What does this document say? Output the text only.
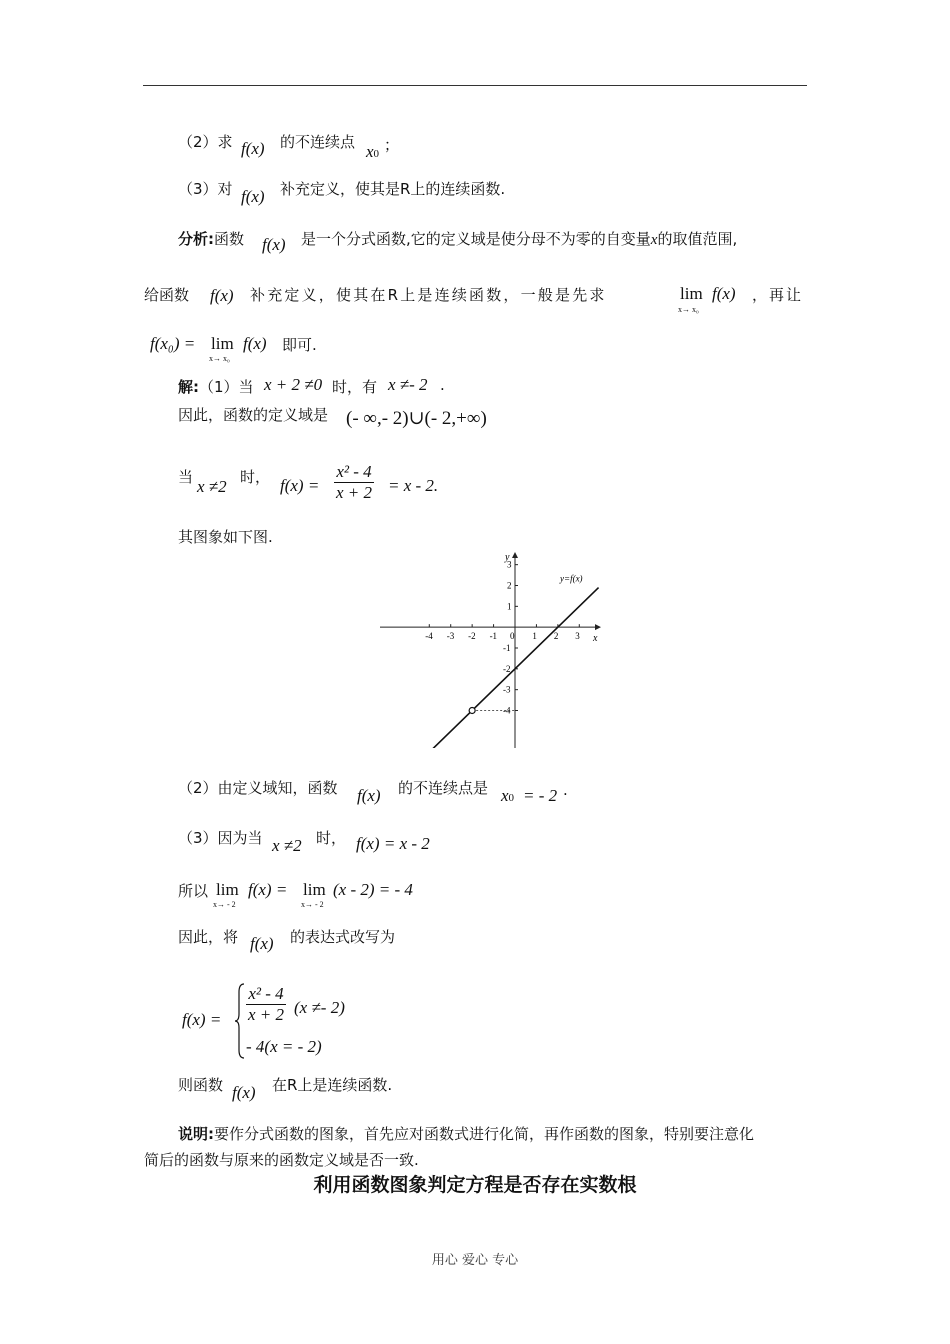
（2）求 f(x) 的不连续点 x0 ；
（3）对 f(x) 补充定义，使其是R上的连续函数.
分析:函数 f(x) 是一个分式函数,它的定义域是使分母不为零的自变量x的取值范围,
给函数 f(x) 补充定义，使其在R上是连续函数，一般是先求	lim
x→ x₀
f(x) ，再让
f(x₀) = lim
x→ x₀
f(x) 即可.
解:（1）当 x + 2 ≠0 时，有 x ≠- 2 .
因此，函数的定义域是 (- ∞,- 2)∪(- 2,+∞)
当 x ≠2 时， $f(x) = \frac{\text{x² - 4}}{x + 2} = x - 2$.
其图象如下图.
x
y
-4 -3 -2 -1 0 1 2 3
3
2
1
-1
-2
-3
-4
y=f(x)
（2）由定义域知，函数 f(x) 的不连续点是 x0 = - 2 .
（3）因为当 x ≠2 时， f(x) = x - 2
所以 lim
x→ - 2
f(x) = lim
x→ - 2
(x - 2) = - 4
因此，将 f(x) 的表达式改写为
$f(x) = \frac{\text{x² - 4}}{x + 2} (x \ne- 2)$
- 4(x = - 2)
则函数 f(x) 在R上是连续函数.
说明:要作分式函数的图象，首先应对函数式进行化简，再作函数的图象，特别要注意化
简后的函数与原来的函数定义域是否一致.
利用函数图象判定方程是否存在实数根
用心 爱心 专心
